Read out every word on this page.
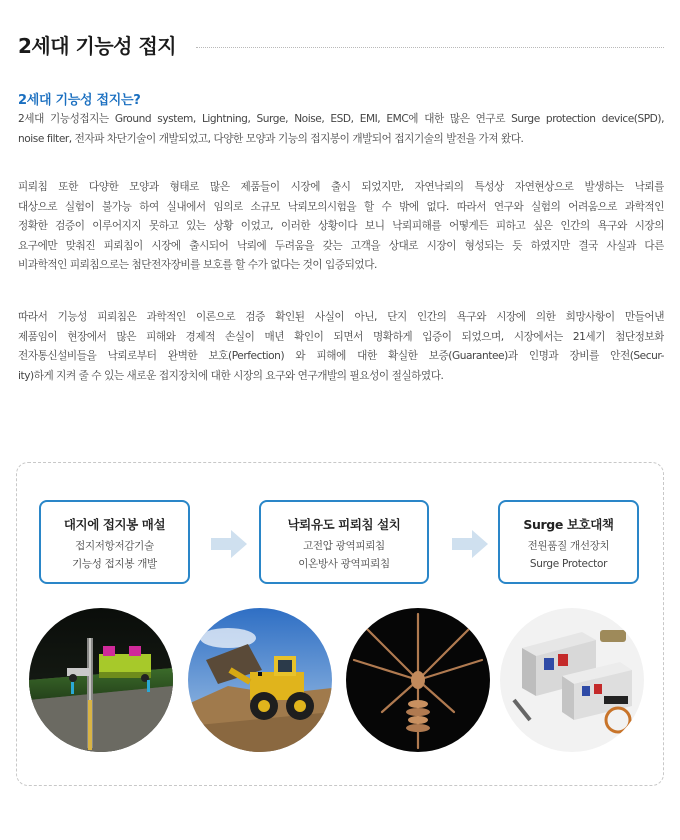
2세대 기능성 접지
2세대 기능성 접지는?
2세대 기능성접지는 Ground system, Lightning, Surge, Noise, ESD, EMI, EMC에 대한 많은 연구로 Surge protection device(SPD),
noise filter, 전자파 차단기술이 개발되었고, 다양한 모양과 기능의 접지봉이 개발되어 접지기술의 발전을 가져 왔다.
피뢰침 또한 다양한 모양과 형태로 많은 제품들이 시장에 출시 되었지만, 자연낙뢰의 특성상 자연현상으로 발생하는 낙뢰를
대상으로 실험이 불가능 하여 실내에서 임의로 소규모 낙뢰모의시험을 할 수 밖에 없다. 따라서 연구와 실험의 어려움으로 과학적인
정확한 검증이 이루어지지 못하고 있는 상황 이었고, 이러한 상황이다 보니 낙뢰피해를 어떻게든 피하고 싶은 인간의 욕구와 시장의
요구에만 맞춰진 피뢰침이 시장에 출시되어 낙뢰에 두려움을 갖는 고객을 상대로 시장이 형성되는 듯 하였지만 결국 사실과 다른
비과학적인 피뢰침으로는 첨단전자장비를 보호를 할 수가 없다는 것이 입증되었다.
따라서 기능성 피뢰침은 과학적인 이론으로 검증 확인된 사실이 아닌, 단지 인간의 욕구와 시장에 의한 희망사항이 만들어낸
제품임이 현장에서 많은 피해와 경제적 손실이 매년 확인이 되면서 명확하게 입증이 되었으며, 시장에서는 21세기 첨단정보화
전자통신설비들을 낙뢰로부터 완벽한 보호(Perfection) 와 피해에 대한 확실한 보증(Guarantee)과 인명과 장비를 안전(Secur-
ity)하게 지켜 줄 수 있는 새로운 접지장치에 대한 시장의 요구와 연구개발의 필요성이 절실하였다.
대지에 접지봉 매설
접지저항저감기술
기능성 접지봉 개발
낙뢰유도 피뢰침 설치
고전압 광역피뢰침
이온방사 광역피뢰침
Surge 보호대책
전원품질 개선장치
Surge Protector
